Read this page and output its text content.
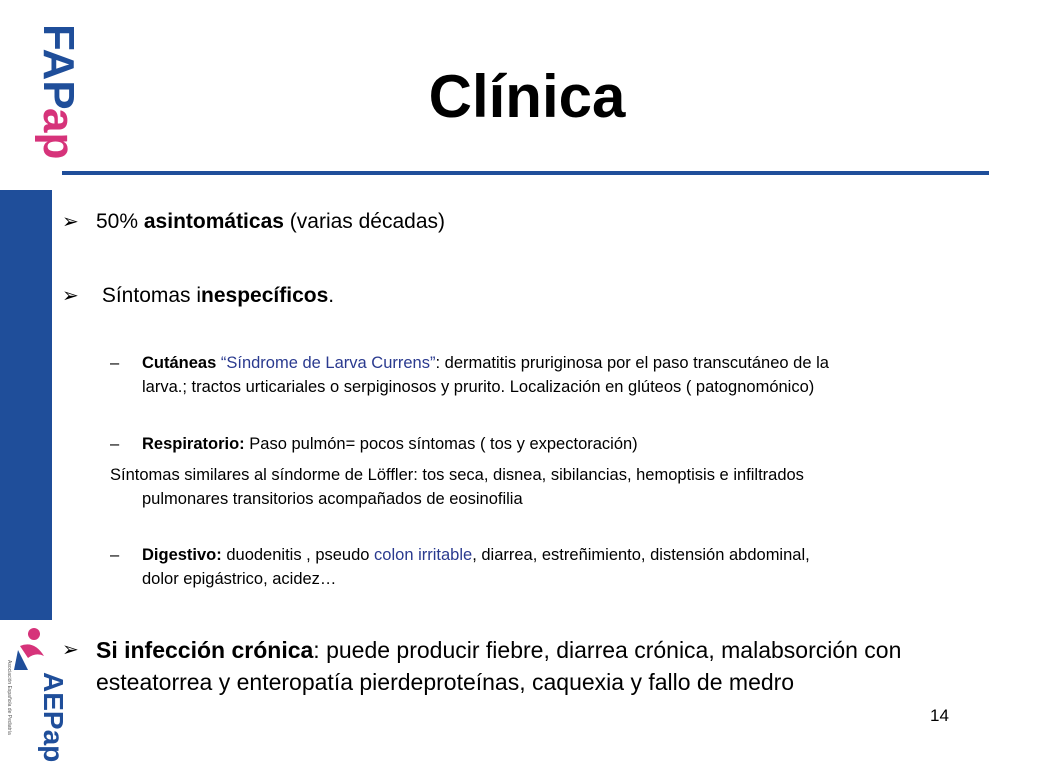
FAP
ap
AEPap
Asociación Española de Pediatría
Clínica
➢ 50% asintomáticas (varias décadas)
➢ Síntomas inespecíficos.
– Cutáneas “Síndrome de Larva Currens”: dermatitis pruriginosa por el paso transcutáneo de la
larva.; tractos urticariales o serpiginosos y prurito. Localización en glúteos ( patognomónico)
– Respiratorio: Paso pulmón= pocos síntomas ( tos y expectoración)
Síntomas similares al síndorme de Löffler: tos seca, disnea, sibilancias, hemoptisis e infiltrados
pulmonares transitorios acompañados de eosinofilia
– Digestivo: duodenitis , pseudo colon irritable, diarrea, estreñimiento, distensión abdominal,
dolor epigástrico, acidez…
➢ Si infección crónica: puede producir fiebre, diarrea crónica, malabsorción con esteatorrea y enteropatía pierdeproteínas, caquexia y fallo de medro
14
